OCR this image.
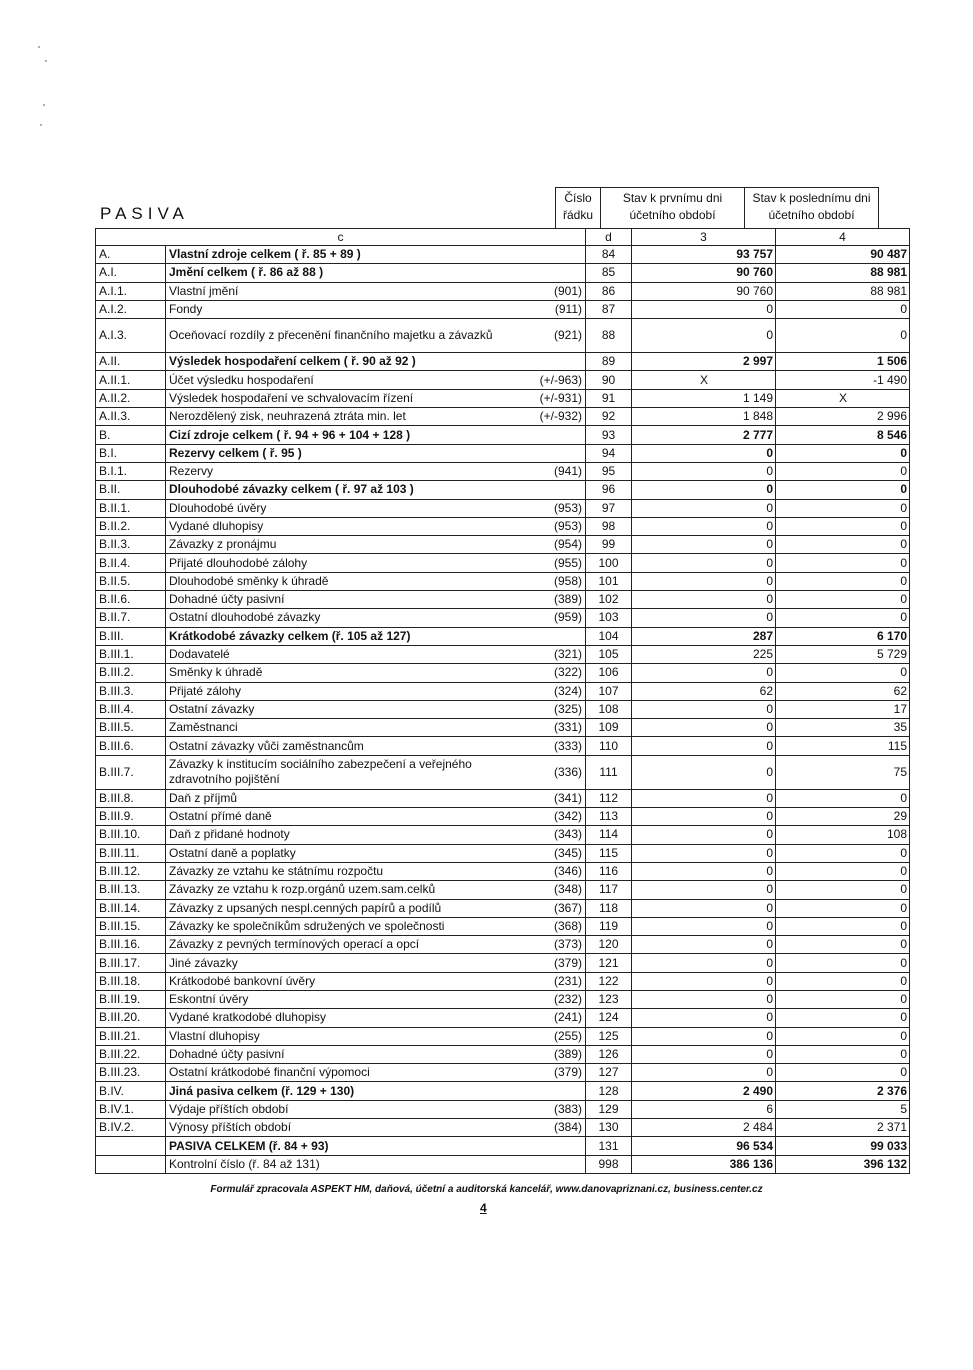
PASIVA
Číslo řádku
Stav k prvnímu dni účetního období
Stav k poslednímu dni účetního období
c			d	3	4
A.	Vlastní zdroje celkem ( ř. 85 + 89 )		84	93 757	90 487
A.I.	Jmění celkem ( ř. 86 až 88 )		85	90 760	88 981
A.I.1.	Vlastní jmění	(901)	86	90 760	88 981
A.I.2.	Fondy	(911)	87	0	0
A.I.3.	Oceňovací rozdíly z přecenění finančního majetku a závazků	(921)	88	0	0
A.II.	Výsledek hospodaření celkem ( ř. 90 až 92 )		89	2 997	1 506
A.II.1.	Účet výsledku hospodaření	(+/-963)	90	X	-1 490
A.II.2.	Výsledek hospodaření ve schvalovacím řízení	(+/-931)	91	1 149	X
A.II.3.	Nerozdělený zisk, neuhrazená ztráta min. let	(+/-932)	92	1 848	2 996
B.	Cizí zdroje celkem ( ř. 94 + 96 + 104 + 128 )		93	2 777	8 546
B.I.	Rezervy celkem ( ř. 95 )		94	0	0
B.I.1.	Rezervy	(941)	95	0	0
B.II.	Dlouhodobé závazky celkem ( ř. 97 až 103 )		96	0	0
B.II.1.	Dlouhodobé úvěry	(953)	97	0	0
B.II.2.	Vydané dluhopisy	(953)	98	0	0
B.II.3.	Závazky z pronájmu	(954)	99	0	0
B.II.4.	Přijaté dlouhodobé zálohy	(955)	100	0	0
B.II.5.	Dlouhodobé směnky k úhradě	(958)	101	0	0
B.II.6.	Dohadné účty pasivní	(389)	102	0	0
B.II.7.	Ostatní dlouhodobé závazky	(959)	103	0	0
B.III.	Krátkodobé závazky celkem (ř. 105 až 127)		104	287	6 170
B.III.1.	Dodavatelé	(321)	105	225	5 729
B.III.2.	Směnky k úhradě	(322)	106	0	0
B.III.3.	Přijaté zálohy	(324)	107	62	62
B.III.4.	Ostatní závazky	(325)	108	0	17
B.III.5.	Zaměstnanci	(331)	109	0	35
B.III.6.	Ostatní závazky vůči zaměstnancům	(333)	110	0	115
B.III.7.	Závazky k institucím sociálního zabezpečení a veřejného zdravotního pojištění	(336)	111	0	75
B.III.8.	Daň z příjmů	(341)	112	0	0
B.III.9.	Ostatní přímé daně	(342)	113	0	29
B.III.10.	Daň z přidané hodnoty	(343)	114	0	108
B.III.11.	Ostatní daně a poplatky	(345)	115	0	0
B.III.12.	Závazky ze vztahu ke státnímu rozpočtu	(346)	116	0	0
B.III.13.	Závazky ze vztahu k rozp.orgánů uzem.sam.celků	(348)	117	0	0
B.III.14.	Závazky z upsaných nespl.cenných papírů a podílů	(367)	118	0	0
B.III.15.	Závazky ke společníkům sdružených ve společnosti	(368)	119	0	0
B.III.16.	Závazky z pevných termínových operací a opcí	(373)	120	0	0
B.III.17.	Jiné závazky	(379)	121	0	0
B.III.18.	Krátkodobé bankovní úvěry	(231)	122	0	0
B.III.19.	Eskontní úvěry	(232)	123	0	0
B.III.20.	Vydané kratkodobé dluhopisy	(241)	124	0	0
B.III.21.	Vlastní dluhopisy	(255)	125	0	0
B.III.22.	Dohadné účty pasivní	(389)	126	0	0
B.III.23.	Ostatní krátkodobé finanční výpomoci	(379)	127	0	0
B.IV.	Jiná pasiva celkem (ř. 129 + 130)		128	2 490	2 376
B.IV.1.	Výdaje příštích období	(383)	129	6	5
B.IV.2.	Výnosy příštích období	(384)	130	2 484	2 371
	PASIVA CELKEM (ř. 84 + 93)		131	96 534	99 033
	Kontrolní číslo (ř. 84 až 131)		998	386 136	396 132
Formulář zpracovala ASPEKT HM, daňová, účetní a auditorská kancelář, www.danovapriznani.cz, business.center.cz
4
